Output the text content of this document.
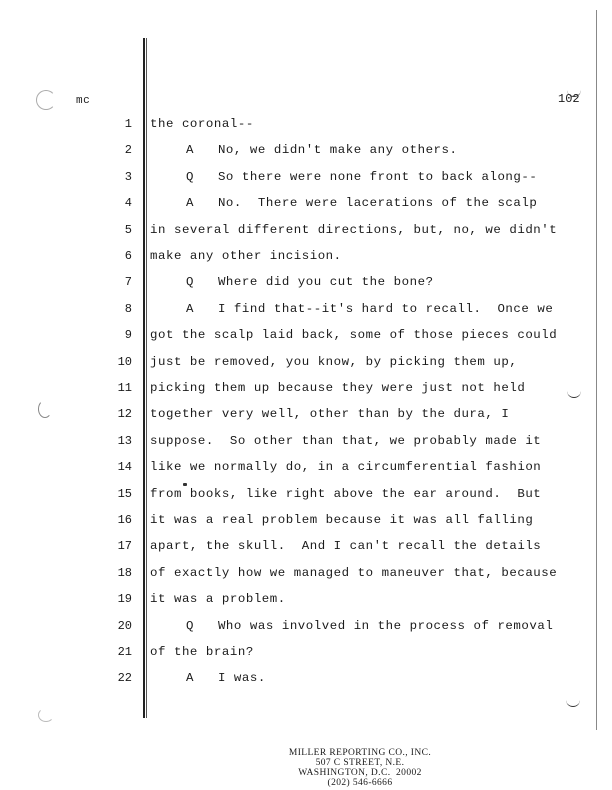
mc	102
1 the coronal--
2	A   No, we didn't make any others.
3	Q   So there were none front to back along--
4	A   No.  There were lacerations of the scalp
5 in several different directions, but, no, we didn't
6 make any other incision.
7	Q   Where did you cut the bone?
8	A   I find that--it's hard to recall.  Once we
9 got the scalp laid back, some of those pieces could
10 just be removed, you know, by picking them up,
11 picking them up because they were just not held
12 together very well, other than by the dura, I
13 suppose.  So other than that, we probably made it
14 like we normally do, in a circumferential fashion
15 from books, like right above the ear around.  But
16 it was a real problem because it was all falling
17 apart, the skull.  And I can't recall the details
18 of exactly how we managed to maneuver that, because
19 it was a problem.
20	Q   Who was involved in the process of removal
21 of the brain?
22	A   I was.
MILLER REPORTING CO., INC.
507 C STREET, N.E.
WASHINGTON, D.C.  20002
(202) 546-6666
